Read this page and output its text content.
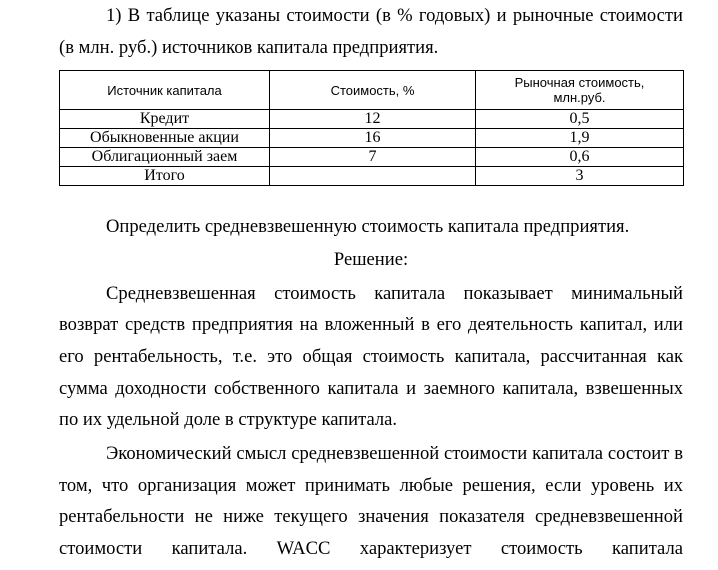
1) В таблице указаны стоимости (в % годовых) и рыночные стоимости
(в млн. руб.) источников капитала предприятия.
Источник капитала	Стоимость, %	Рыночная стоимость, млн.руб.
Кредит	12	0,5
Обыкновенные акции	16	1,9
Облигационный заем	7	0,6
Итого		3
Определить средневзвешенную стоимость капитала предприятия.
Решение:
Средневзвешенная стоимость капитала показывает минимальный
возврат средств предприятия на вложенный в его деятельность капитал, или
его рентабельность, т.е. это общая стоимость капитала, рассчитанная как
сумма доходности собственного капитала и заемного капитала, взвешенных
по их удельной доле в структуре капитала.
Экономический смысл средневзвешенной стоимости капитала состоит в
том, что организация может принимать любые решения, если уровень их
рентабельности не ниже текущего значения показателя средневзвешенной
стоимости капитала. WACC характеризует стоимость капитала
